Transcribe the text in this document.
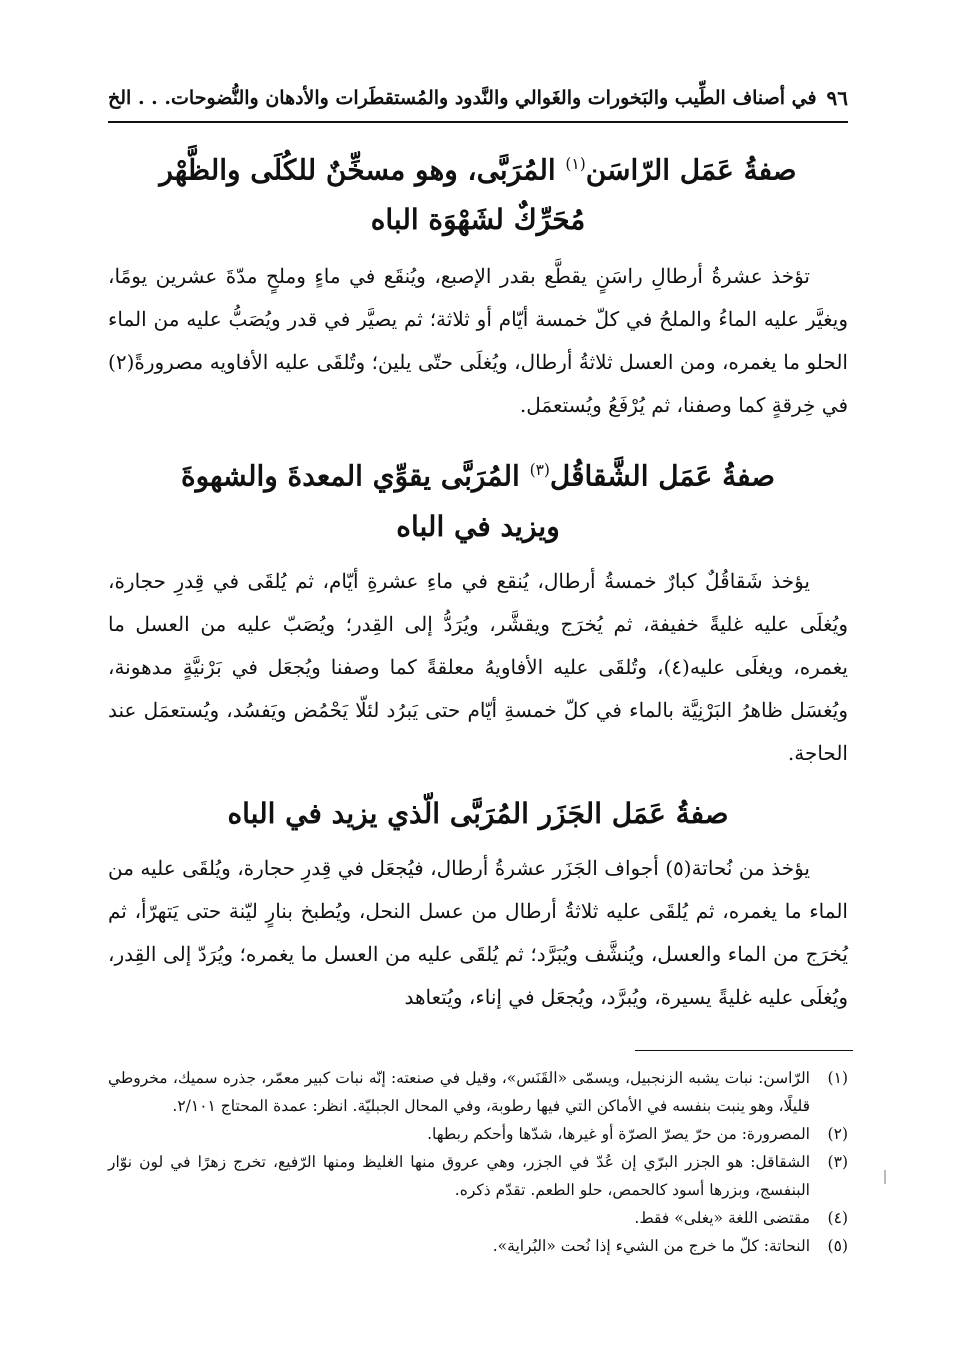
٩٦
في أصناف الطِّيب والبَخورات والغَوالي والنَّدود والمُستقطَرات والأدهان والنُّضوحات. . . الخ
صفةُ عَمَل الرّاسَن$^{(١)}$ المُرَبَّى، وهو مسخِّنٌ للكُلَى والظَّهْر
مُحَرِّكٌ لشَهْوَة الباه

تؤخذ عشرةُ أرطالِ راسَنٍ يقطَّع بقدر الإصبع، ويُنقَع في ماءٍ وملحٍ مدّةَ عشرين يومًا، ويغيَّر عليه الماءُ والملحُ في كلّ خمسة أيّام أو ثلاثة؛ ثم يصيَّر في قدر ويُصَبُّ عليه من الماء الحلو ما يغمره، ومن العسل ثلاثةُ أرطال، ويُغلَى حتّى يلين؛ وتُلقَى عليه الأفاويه مصرورةً(٢) في خِرقةٍ كما وصفنا، ثم يُرْفَعُ ويُستعمَل.

صفةُ عَمَل الشَّقاقُل$^{(٣)}$ المُرَبَّى يقوِّي المعدةَ والشهوةَ
ويزيد في الباه

يؤخذ شَقاقُلٌ كبارٌ خمسةُ أرطال، يُنقع في ماءِ عشرةِ أيّام، ثم يُلقَى في قِدرِ حجارة، ويُغلَى عليه غليةً خفيفة، ثم يُخرَج ويقشَّر، ويُرَدُّ إلى القِدر؛ ويُصَبّ عليه من العسل ما يغمره، ويغلَى عليه(٤)، وتُلقَى عليه الأفاويهُ معلقةً كما وصفنا ويُجعَل في بَرْنيَّةٍ مدهونة، ويُغسَل ظاهرُ البَرْنِيَّة بالماء في كلّ خمسةِ أيّام حتى يَبرُد لئلّا يَحْمُض ويَفسُد، ويُستعمَل عند الحاجة.

صفةُ عَمَل الجَزَر المُرَبَّى الّذي يزيد في الباه

يؤخذ من نُحاتة(٥) أجواف الجَزَر عشرةُ أرطال، فيُجعَل في قِدرِ حجارة، ويُلقَى عليه من الماء ما يغمره، ثم يُلقَى عليه ثلاثةُ أرطال من عسل النحل، ويُطبخ بنارٍ ليّنة حتى يَتهرّأ، ثم يُخرَج من الماء والعسل، ويُنشَّف ويُبَرَّد؛ ثم يُلقَى عليه من العسل ما يغمره؛ ويُرَدّ إلى القِدر، ويُغلَى عليه غليةً يسيرة، ويُبرَّد، ويُجعَل في إناء، ويُتعاهد

(١)
الرّاسن: نبات يشبه الزنجبيل، ويسمّى «القَنَس»، وقيل في صنعته: إنّه نبات كبير معمّر، جذره سميك، مخروطي قليلًا، وهو ينبت بنفسه في الأماكن التي فيها رطوبة، وفي المحال الجبليّة. انظر: عمدة المحتاج ٢/١٠١.
(٢)
المصرورة: من حرّ يصرّ الصرّة أو غيرها، شدّها وأحكم ربطها.
(٣)
الشقاقل: هو الجزر البرّي إن عُدّ في الجزر، وهي عروق منها الغليظ ومنها الرّفيع، تخرج زهرًا في لون نوّار البنفسج، وبزرها أسود كالحمص، حلو الطعم. تقدّم ذكره.
(٤)
مقتضى اللغة «يغلى» فقط.
(٥)
النحاتة: كلّ ما خرج من الشيء إذا نُحت «البُراية».
